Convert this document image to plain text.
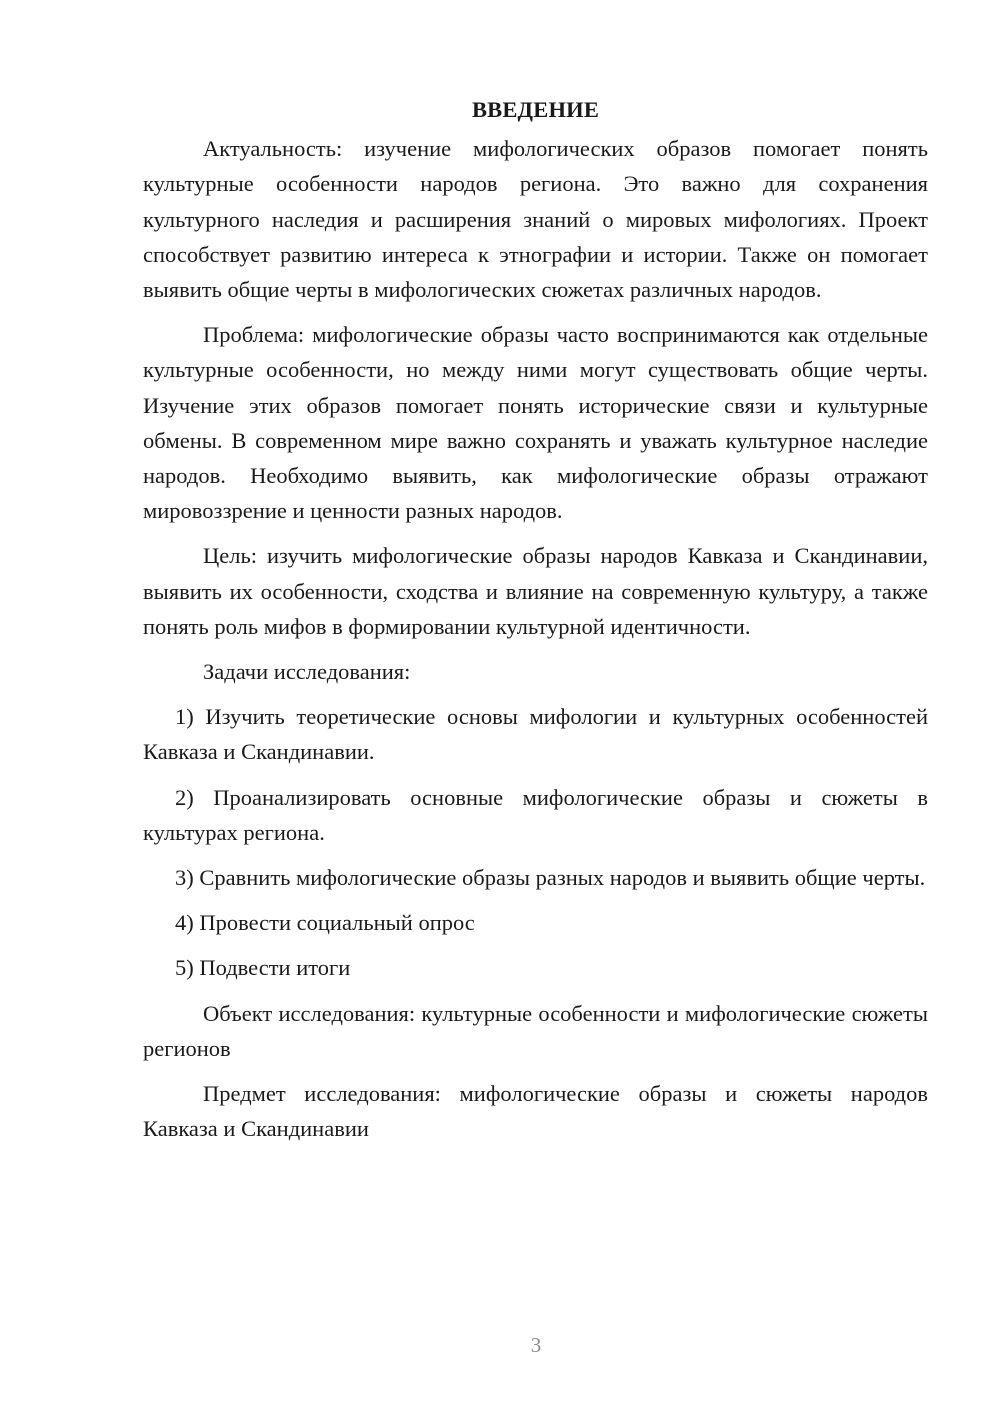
ВВЕДЕНИЕ

Актуальность: изучение мифологических образов помогает понять культурные особенности народов региона. Это важно для сохранения культурного наследия и расширения знаний о мировых мифологиях. Проект способствует развитию интереса к этнографии и истории. Также он помогает выявить общие черты в мифологических сюжетах различных народов.

Проблема: мифологические образы часто воспринимаются как отдельные культурные особенности, но между ними могут существовать общие черты. Изучение этих образов помогает понять исторические связи и культурные обмены. В современном мире важно сохранять и уважать культурное наследие народов. Необходимо выявить, как мифологические образы отражают мировоззрение и ценности разных народов.

Цель: изучить мифологические образы народов Кавказа и Скандинавии, выявить их особенности, сходства и влияние на современную культуру, а также понять роль мифов в формировании культурной идентичности.

Задачи исследования:

1) Изучить теоретические основы мифологии и культурных особенностей Кавказа и Скандинавии.

2) Проанализировать основные мифологические образы и сюжеты в культурах региона.

3) Сравнить мифологические образы разных народов и выявить общие черты.

4) Провести социальный опрос

5) Подвести итоги

Объект исследования: культурные особенности и мифологические сюжеты регионов

Предмет исследования: мифологические образы и сюжеты народов Кавказа и Скандинавии

3
